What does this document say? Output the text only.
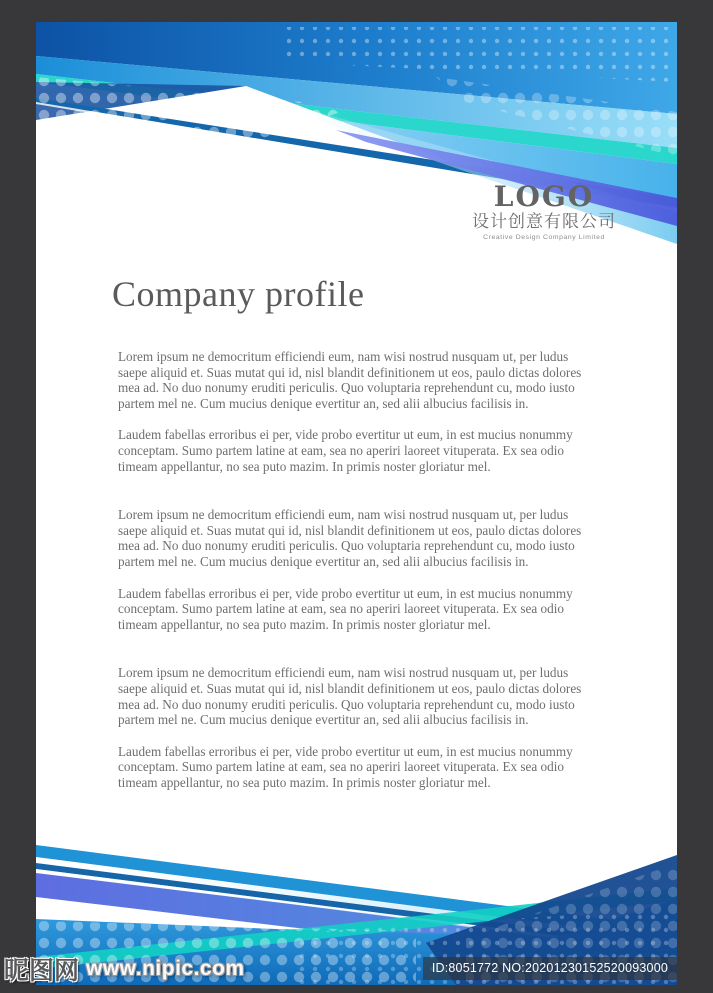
LOGO
设计创意有限公司
Creative Design Company Limited
Company profile

Lorem ipsum ne democritum efficiendi eum, nam wisi nostrud nusquam ut, per ludus saepe aliquid et. Suas mutat qui id, nisl blandit definitionem ut eos, paulo dictas dolores mea ad. No duo nonumy eruditi periculis. Quo voluptaria reprehendunt cu, modo iusto partem mel ne. Cum mucius denique evertitur an, sed alii albucius facilisis in.

Laudem fabellas erroribus ei per, vide probo evertitur ut eum, in est mucius nonummy conceptam. Sumo partem latine at eam, sea no aperiri laoreet vituperata. Ex sea odio timeam appellantur, no sea puto mazim. In primis noster gloriatur mel.

Lorem ipsum ne democritum efficiendi eum, nam wisi nostrud nusquam ut, per ludus saepe aliquid et. Suas mutat qui id, nisl blandit definitionem ut eos, paulo dictas dolores mea ad. No duo nonumy eruditi periculis. Quo voluptaria reprehendunt cu, modo iusto partem mel ne. Cum mucius denique evertitur an, sed alii albucius facilisis in.

Laudem fabellas erroribus ei per, vide probo evertitur ut eum, in est mucius nonummy conceptam. Sumo partem latine at eam, sea no aperiri laoreet vituperata. Ex sea odio timeam appellantur, no sea puto mazim. In primis noster gloriatur mel.

Lorem ipsum ne democritum efficiendi eum, nam wisi nostrud nusquam ut, per ludus saepe aliquid et. Suas mutat qui id, nisl blandit definitionem ut eos, paulo dictas dolores mea ad. No duo nonumy eruditi periculis. Quo voluptaria reprehendunt cu, modo iusto partem mel ne. Cum mucius denique evertitur an, sed alii albucius facilisis in.

Laudem fabellas erroribus ei per, vide probo evertitur ut eum, in est mucius nonummy conceptam. Sumo partem latine at eam, sea no aperiri laoreet vituperata. Ex sea odio timeam appellantur, no sea puto mazim. In primis noster gloriatur mel.

昵图网 www.nipic.com	ID:8051772 NO:20201230152520093000
